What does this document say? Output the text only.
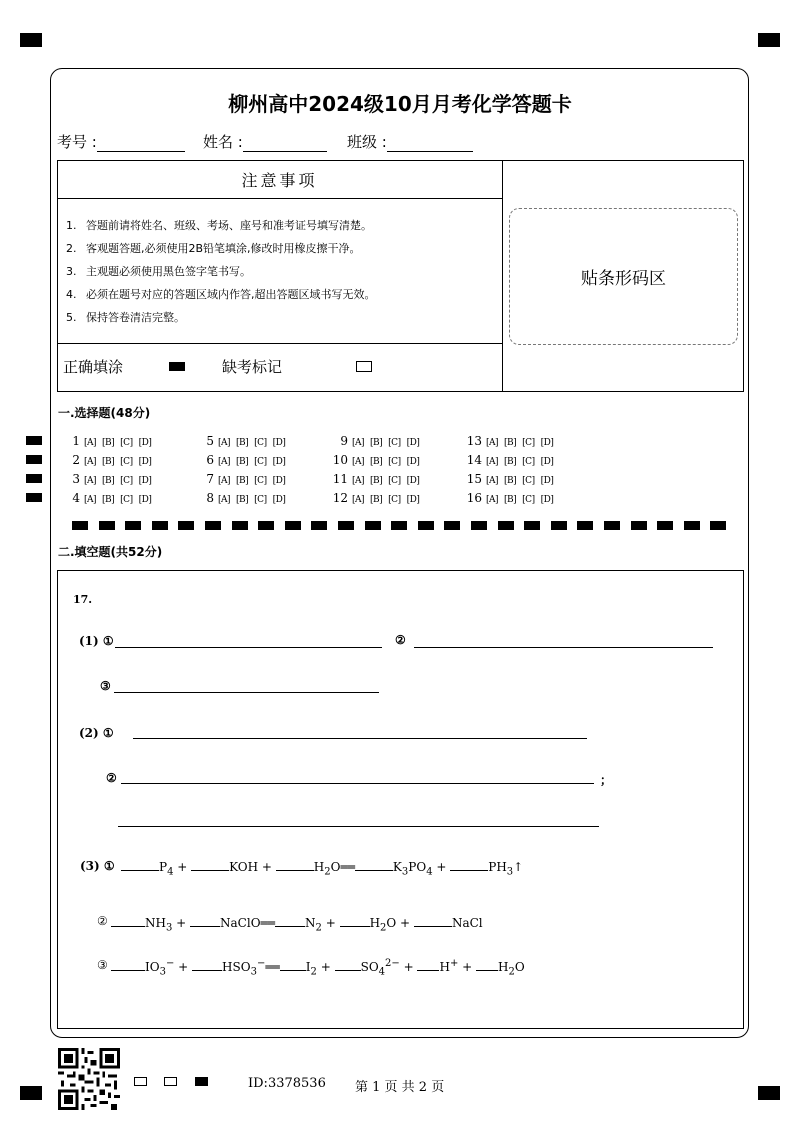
柳州高中2024级10月月考化学答题卡
考号 :	姓名 :	班级 :
注意事项
1. 答题前请将姓名、班级、考场、座号和准考证号填写清楚。
2. 客观题答题,必须使用2B铅笔填涂,修改时用橡皮擦干净。
3. 主观题必须使用黑色签字笔书写。
4. 必须在题号对应的答题区域内作答,超出答题区域书写无效。
5. 保持答卷清洁完整。
正确填涂	缺考标记
贴条形码区
一.选择题(48分)
1 [A] [B] [C] [D]
2 [A] [B] [C] [D]
3 [A] [B] [C] [D]
4 [A] [B] [C] [D]
5 [A] [B] [C] [D]
6 [A] [B] [C] [D]
7 [A] [B] [C] [D]
8 [A] [B] [C] [D]
9 [A] [B] [C] [D]
10 [A] [B] [C] [D]
11 [A] [B] [C] [D]
12 [A] [B] [C] [D]
13 [A] [B] [C] [D]
14 [A] [B] [C] [D]
15 [A] [B] [C] [D]
16 [A] [B] [C] [D]
二.填空题(共52分)
17.
(1) ①	②
③
(2) ①
②	；
(3) ①	$P_4$ +	KOH +	$H_2O══$	$K_3PO_4$ +	$PH_3↑$
②	$NH_3$ +	NaClO══	$N_2$ +	$H_2O$ +	NaCl
③	$IO_3^-$ +	$HSO_3^-══$ $I_2 + SO_4^{2-} + H^+ + H_2O$
ID:3378536 第 1 页 共 2 页
